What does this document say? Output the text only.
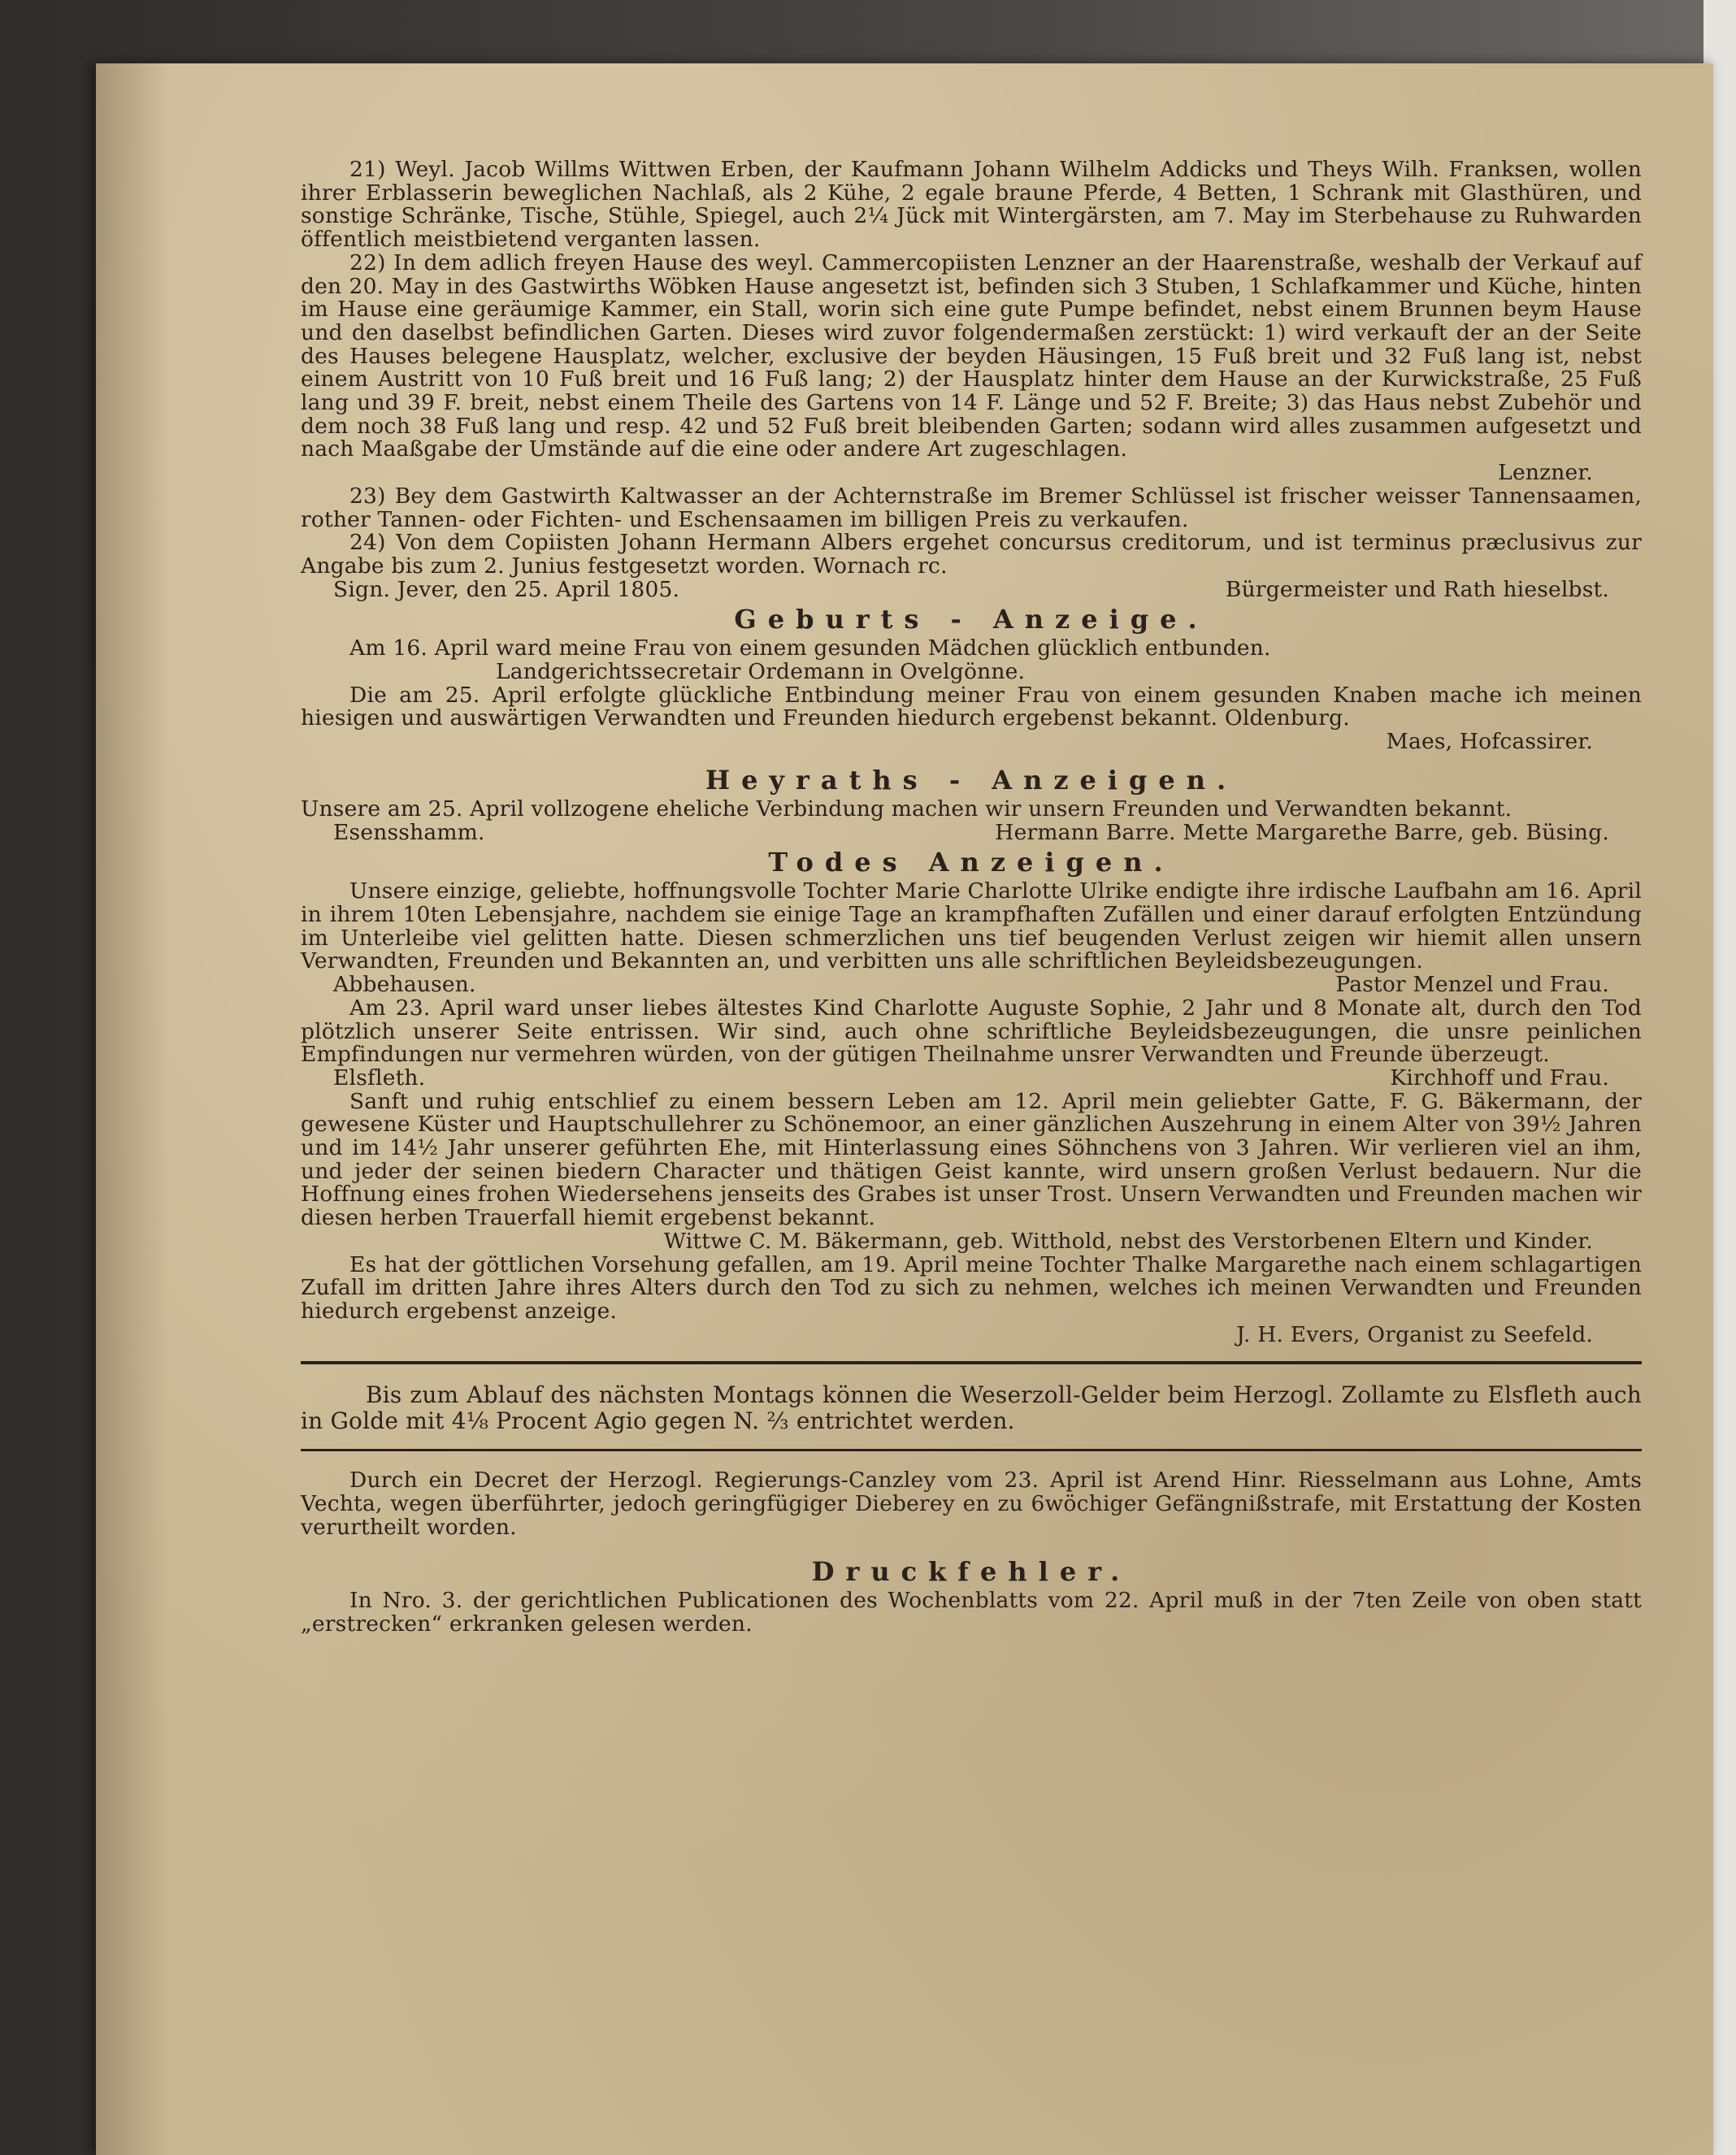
21) Weyl. Jacob Willms Wittwen Erben, der Kaufmann Johann Wilhelm Addicks und Theys Wilh. Franksen, wollen ihrer Erblasserin beweglichen Nachlaß, als 2 Kühe, 2 egale braune Pferde, 4 Betten, 1 Schrank mit Glasthüren, und sonstige Schränke, Tische, Stühle, Spiegel, auch 2¼ Jück mit Wintergärsten, am 7. May im Sterbehause zu Ruhwarden öffentlich meistbietend verganten lassen.

22) In dem adlich freyen Hause des weyl. Cammercopiisten Lenzner an der Haarenstraße, weshalb der Verkauf auf den 20. May in des Gastwirths Wöbken Hause angesetzt ist, befinden sich 3 Stuben, 1 Schlafkammer und Küche, hinten im Hause eine geräumige Kammer, ein Stall, worin sich eine gute Pumpe befindet, nebst einem Brunnen beym Hause und den daselbst befindlichen Garten. Dieses wird zuvor folgendermaßen zerstückt: 1) wird verkauft der an der Seite des Hauses belegene Hausplatz, welcher, exclusive der beyden Häusingen, 15 Fuß breit und 32 Fuß lang ist, nebst einem Austritt von 10 Fuß breit und 16 Fuß lang; 2) der Hausplatz hinter dem Hause an der Kurwickstraße, 25 Fuß lang und 39 F. breit, nebst einem Theile des Gartens von 14 F. Länge und 52 F. Breite; 3) das Haus nebst Zubehör und dem noch 38 Fuß lang und resp. 42 und 52 Fuß breit bleibenden Garten; sodann wird alles zusammen aufgesetzt und nach Maaßgabe der Umstände auf die eine oder andere Art zugeschlagen.

Lenzner.

23) Bey dem Gastwirth Kaltwasser an der Achternstraße im Bremer Schlüssel ist frischer weisser Tannensaamen, rother Tannen- oder Fichten- und Eschensaamen im billigen Preis zu verkaufen.

24) Von dem Copiisten Johann Hermann Albers ergehet concursus creditorum, und ist terminus præclusivus zur Angabe bis zum 2. Junius festgesetzt worden. Wornach rc.

Sign. Jever, den 25. April 1805.	Bürgermeister und Rath hieselbst.
Geburts - Anzeige.

Am 16. April ward meine Frau von einem gesunden Mädchen glücklich entbunden.

Landgerichtssecretair Ordemann in Ovelgönne.

Die am 25. April erfolgte glückliche Entbindung meiner Frau von einem gesunden Knaben mache ich meinen hiesigen und auswärtigen Verwandten und Freunden hiedurch ergebenst bekannt. Oldenburg.

Maes, Hofcassirer.

Heyraths - Anzeigen.

Unsere am 25. April vollzogene eheliche Verbindung machen wir unsern Freunden und Verwandten bekannt.

Esensshamm.	Hermann Barre. Mette Margarethe Barre, geb. Büsing.
Todes Anzeigen.

Unsere einzige, geliebte, hoffnungsvolle Tochter Marie Charlotte Ulrike endigte ihre irdische Laufbahn am 16. April in ihrem 10ten Lebensjahre, nachdem sie einige Tage an krampfhaften Zufällen und einer darauf erfolgten Entzündung im Unterleibe viel gelitten hatte. Diesen schmerzlichen uns tief beugenden Verlust zeigen wir hiemit allen unsern Verwandten, Freunden und Bekannten an, und verbitten uns alle schriftlichen Beyleidsbezeugungen.

Abbehausen.	Pastor Menzel und Frau.

Am 23. April ward unser liebes ältestes Kind Charlotte Auguste Sophie, 2 Jahr und 8 Monate alt, durch den Tod plötzlich unserer Seite entrissen. Wir sind, auch ohne schriftliche Beyleidsbezeugungen, die unsre peinlichen Empfindungen nur vermehren würden, von der gütigen Theilnahme unsrer Verwandten und Freunde überzeugt.

Elsfleth.	Kirchhoff und Frau.

Sanft und ruhig entschlief zu einem bessern Leben am 12. April mein geliebter Gatte, F. G. Bäkermann, der gewesene Küster und Hauptschullehrer zu Schönemoor, an einer gänzlichen Auszehrung in einem Alter von 39½ Jahren und im 14½ Jahr unserer geführten Ehe, mit Hinterlassung eines Söhnchens von 3 Jahren. Wir verlieren viel an ihm, und jeder der seinen biedern Character und thätigen Geist kannte, wird unsern großen Verlust bedauern. Nur die Hoffnung eines frohen Wiedersehens jenseits des Grabes ist unser Trost. Unsern Verwandten und Freunden machen wir diesen herben Trauerfall hiemit ergebenst bekannt.

Wittwe C. M. Bäkermann, geb. Witthold, nebst des Verstorbenen Eltern und Kinder.

Es hat der göttlichen Vorsehung gefallen, am 19. April meine Tochter Thalke Margarethe nach einem schlagartigen Zufall im dritten Jahre ihres Alters durch den Tod zu sich zu nehmen, welches ich meinen Verwandten und Freunden hiedurch ergebenst anzeige.

J. H. Evers, Organist zu Seefeld.

Bis zum Ablauf des nächsten Montags können die Weserzoll-Gelder beim Herzogl. Zollamte zu Elsfleth auch in Golde mit 4⅛ Procent Agio gegen N. ⅔ entrichtet werden.

Durch ein Decret der Herzogl. Regierungs-Canzley vom 23. April ist Arend Hinr. Riesselmann aus Lohne, Amts Vechta, wegen überführter, jedoch geringfügiger Dieberey en zu 6wöchiger Gefängnißstrafe, mit Erstattung der Kosten verurtheilt worden.

Druckfehler.

In Nro. 3. der gerichtlichen Publicationen des Wochenblatts vom 22. April muß in der 7ten Zeile von oben statt „erstrecken“ erkranken gelesen werden.
